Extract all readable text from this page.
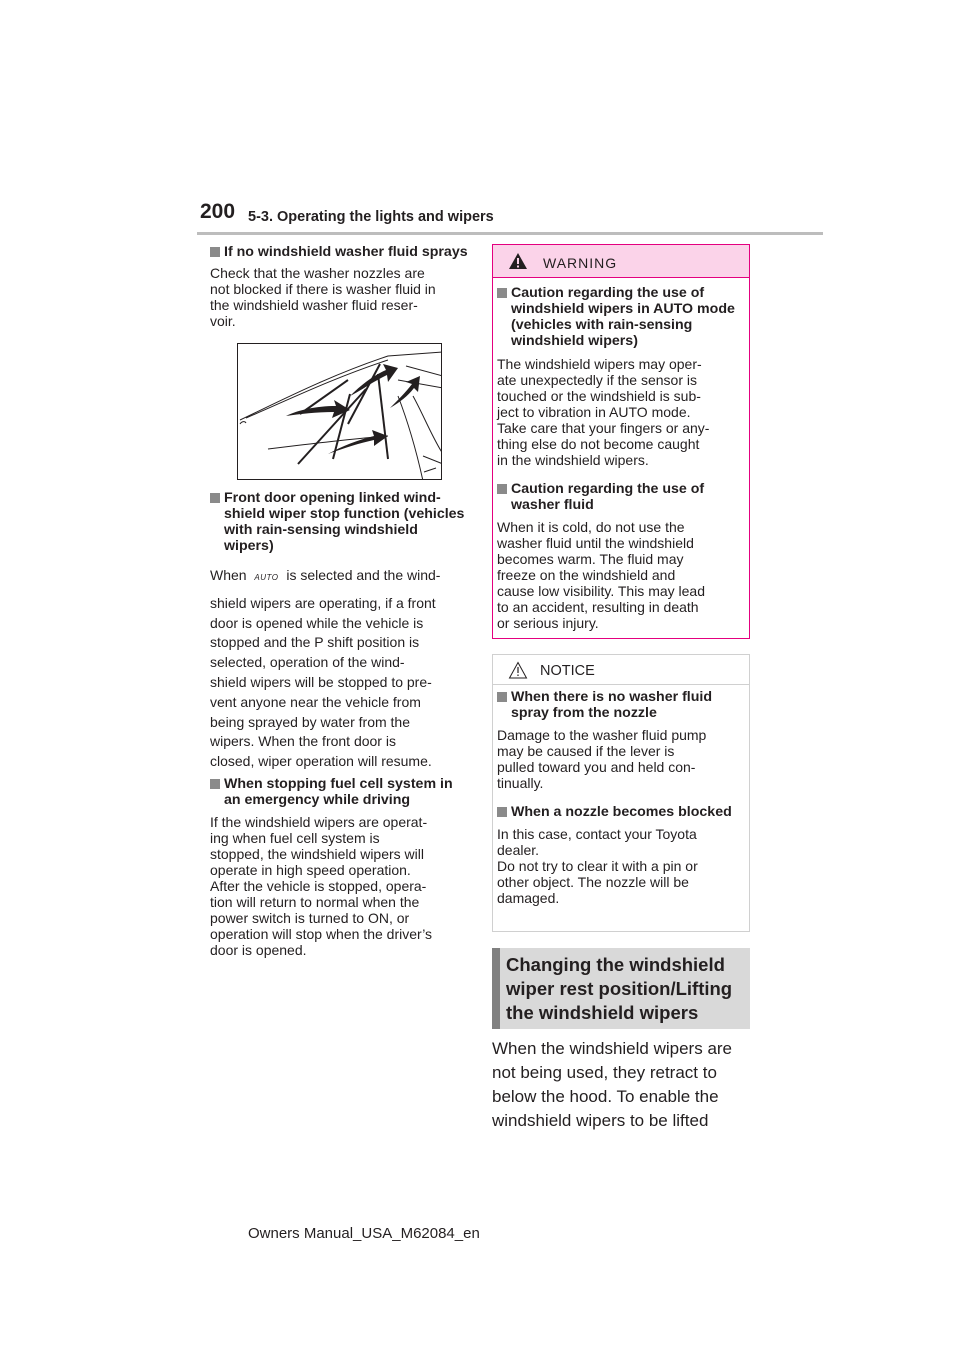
200 5-3. Operating the lights and wipers
If no windshield washer fluid sprays
Check that the washer nozzles are
not blocked if there is washer fluid in
the windshield washer fluid reser-
voir.
Front door opening linked wind-shield wiper stop function (vehicles with rain-sensing windshield wipers)
When AUTO is selected and the wind-
shield wipers are operating, if a front
door is opened while the vehicle is
stopped and the P shift position is
selected, operation of the wind-
shield wipers will be stopped to pre-
vent anyone near the vehicle from
being sprayed by water from the
wipers. When the front door is
closed, wiper operation will resume.
When stopping fuel cell system in an emergency while driving
If the windshield wipers are operat-
ing when fuel cell system is
stopped, the windshield wipers will
operate in high speed operation.
After the vehicle is stopped, opera-
tion will return to normal when the
power switch is turned to ON, or
operation will stop when the driver’s
door is opened.
WARNING
Caution regarding the use of windshield wipers in AUTO mode (vehicles with rain-sensing windshield wipers)
The windshield wipers may oper-
ate unexpectedly if the sensor is
touched or the windshield is sub-
ject to vibration in AUTO mode.
Take care that your fingers or any-
thing else do not become caught
in the windshield wipers.
Caution regarding the use of washer fluid
When it is cold, do not use the
washer fluid until the windshield
becomes warm. The fluid may
freeze on the windshield and
cause low visibility. This may lead
to an accident, resulting in death
or serious injury.
NOTICE
When there is no washer fluid spray from the nozzle
Damage to the washer fluid pump
may be caused if the lever is
pulled toward you and held con-
tinually.
When a nozzle becomes blocked
In this case, contact your Toyota
dealer.
Do not try to clear it with a pin or
other object. The nozzle will be
damaged.
Changing the windshield
wiper rest position/Lifting
the windshield wipers
When the windshield wipers are
not being used, they retract to
below the hood. To enable the
windshield wipers to be lifted
Owners Manual_USA_M62084_en
